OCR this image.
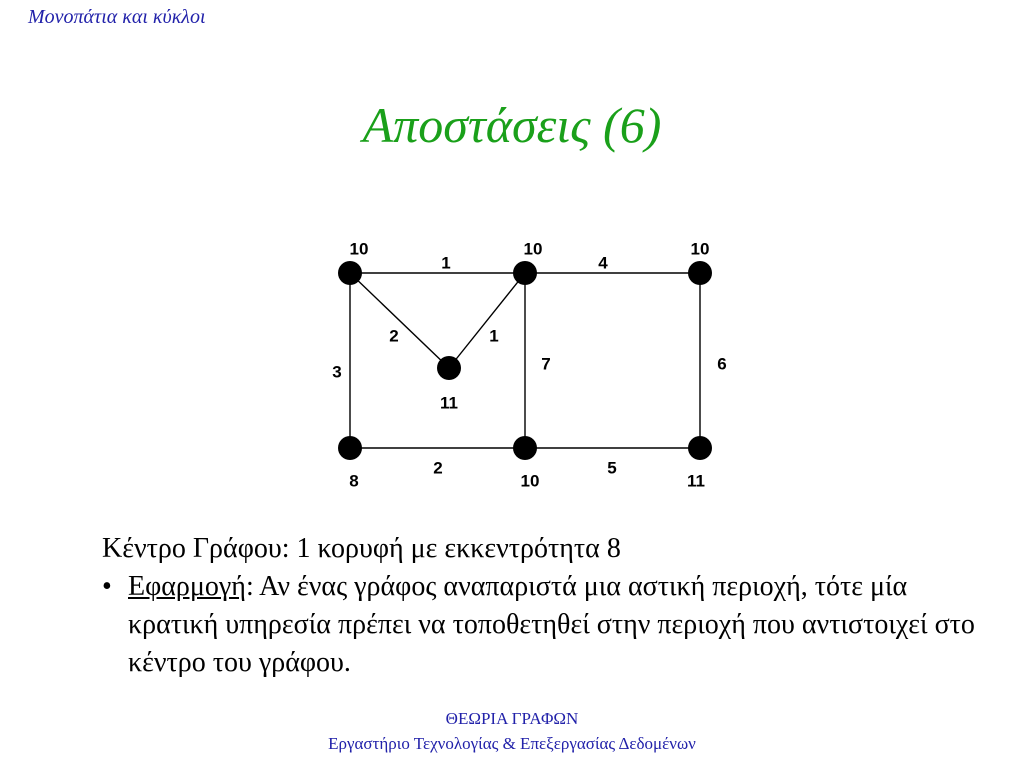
Μονοπάτια και κύκλοι
Αποστάσεις (6)
1	4
2	1
3	7	6
2	5
10	10	10
11
8	10	11

Κέντρο Γράφου: 1 κορυφή με εκκεντρότητα 8

• Εφαρμογή: Αν ένας γράφος αναπαριστά μια αστική περιοχή, τότε μία κρατική υπηρεσία πρέπει να τοποθετηθεί στην περιοχή που αντιστοιχεί στο κέντρο του γράφου.

ΘΕΩΡΙΑ ΓΡΑΦΩΝ
Εργαστήριο Τεχνολογίας & Επεξεργασίας Δεδομένων
